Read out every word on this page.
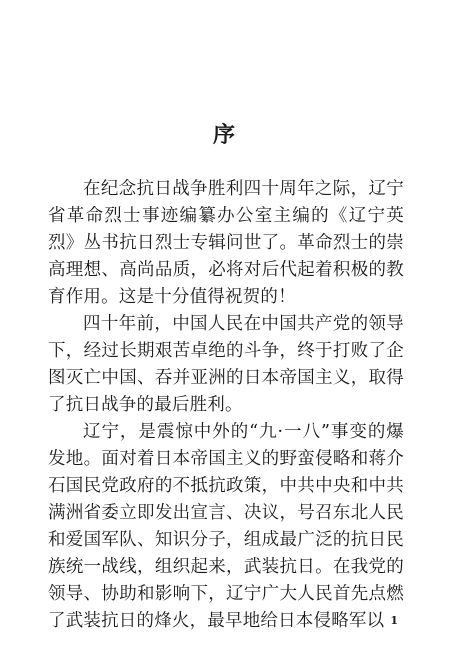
序

在纪念抗日战争胜利四十周年之际，辽宁省革命烈士事迹编纂办公室主编的《辽宁英烈》丛书抗日烈士专辑问世了。革命烈士的崇高理想、高尚品质，必将对后代起着积极的教育作用。这是十分值得祝贺的！

四十年前，中国人民在中国共产党的领导下，经过长期艰苦卓绝的斗争，终于打败了企图灭亡中国、吞并亚洲的日本帝国主义，取得了抗日战争的最后胜利。

辽宁，是震惊中外的“九·一八”事变的爆发地。面对着日本帝国主义的野蛮侵略和蒋介石国民党政府的不抵抗政策，中共中央和中共满洲省委立即发出宣言、决议，号召东北人民和爱国军队、知识分子，组成最广泛的抗日民族统一战线，组织起来，武装抗日。在我党的领导、协助和影响下，辽宁广大人民首先点燃了武装抗日的烽火，最早地给日本侵略军以 1
